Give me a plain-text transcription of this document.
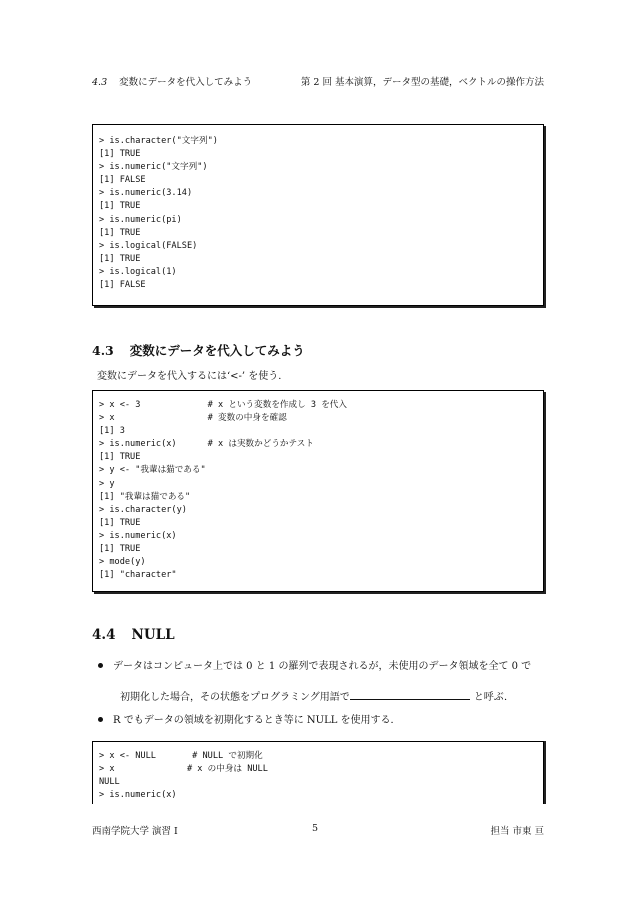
4.3 変数にデータを代入してみよう	第 2 回 基本演算，データ型の基礎，ベクトルの操作方法
> is.character("文字列")
[1] TRUE
> is.numeric("文字列")
[1] FALSE
> is.numeric(3.14)
[1] TRUE
> is.numeric(pi)
[1] TRUE
> is.logical(FALSE)
[1] TRUE
> is.logical(1)
[1] FALSE
4.3 変数にデータを代入してみよう
変数にデータを代入するには‘<-’ を使う．
> x <- 3             # x という変数を作成し 3 を代入
> x                  # 変数の中身を確認
[1] 3
> is.numeric(x)      # x は実数かどうかテスト
[1] TRUE
> y <- "我輩は猫である"
> y
[1] "我輩は猫である"
> is.character(y)
[1] TRUE
> is.numeric(x)
[1] TRUE
> mode(y)
[1] "character"
4.4 NULL
データはコンピュータ上では 0 と 1 の羅列で表現されるが，未使用のデータ領域を全て 0 で
初期化した場合，その状態をプログラミング用語で	と呼ぶ．
R でもデータの領域を初期化するとき等に NULL を使用する．
> x <- NULL       # NULL で初期化
> x              # x の中身は NULL
NULL
> is.numeric(x)
西南学院大学 演習 I	5	担当 市東 亘
